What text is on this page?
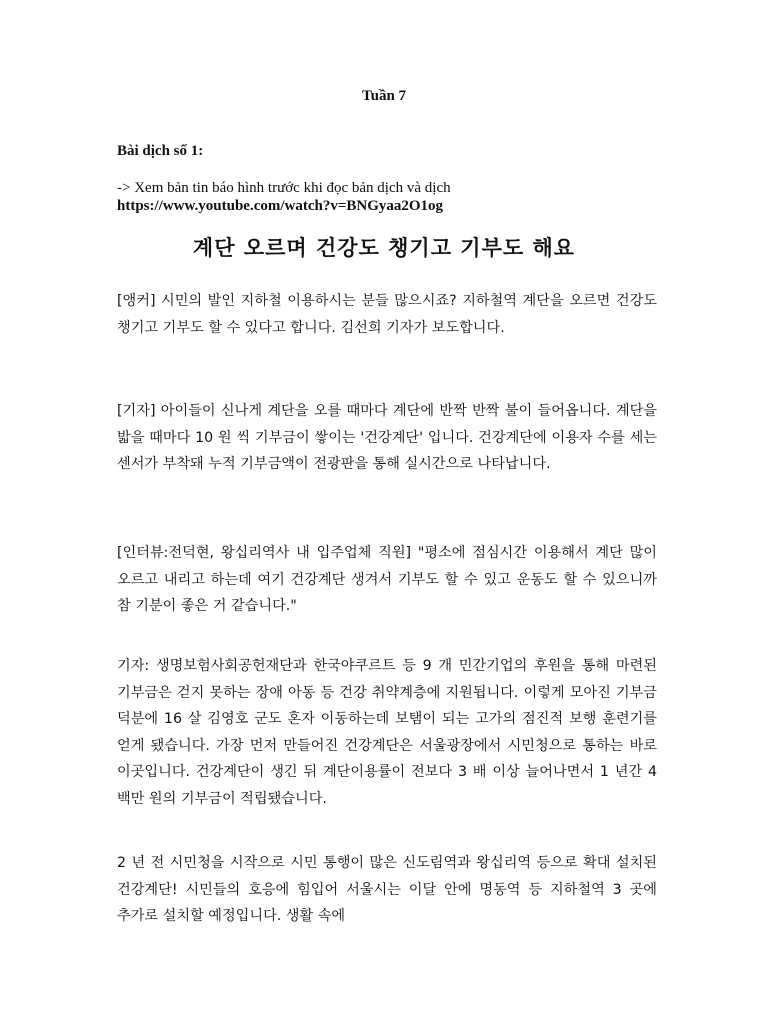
Tuần 7
Bài dịch số 1:
-> Xem bản tin báo hình trước khi đọc bản dịch và dịch
https://www.youtube.com/watch?v=BNGyaa2O1og
계단 오르며 건강도 챙기고 기부도 해요

[앵커] 시민의 발인 지하철 이용하시는 분들 많으시죠? 지하철역 계단을 오르면 건강도 챙기고 기부도 할 수 있다고 합니다. 김선희 기자가 보도합니다.

[기자] 아이들이 신나게 계단을 오를 때마다 계단에 반짝 반짝 불이 들어옵니다. 계단을 밟을 때마다 10 원 씩 기부금이 쌓이는 '건강계단' 입니다. 건강계단에 이용자 수를 세는 센서가 부착돼 누적 기부금액이 전광판을 통해 실시간으로 나타납니다.

[인터뷰:전덕현, 왕십리역사 내 입주업체 직원] "평소에 점심시간 이용해서 계단 많이 오르고 내리고 하는데 여기 건강계단 생겨서 기부도 할 수 있고 운동도 할 수 있으니까 참 기분이 좋은 거 같습니다."

기자: 생명보험사회공헌재단과 한국야쿠르트 등 9 개 민간기업의 후원을 통해 마련된 기부금은 걷지 못하는 장애 아동 등 건강 취약계층에 지원됩니다. 이렇게 모아진 기부금 덕분에 16 살 김영호 군도 혼자 이동하는데 보탬이 되는 고가의 점진적 보행 훈련기를 얻게 됐습니다. 가장 먼저 만들어진 건강계단은 서울광장에서 시민청으로 통하는 바로 이곳입니다. 건강계단이 생긴 뒤 계단이용률이 전보다 3 배 이상 늘어나면서 1 년간 4 백만 원의 기부금이 적립됐습니다.

2 년 전 시민청을 시작으로 시민 통행이 많은 신도림역과 왕십리역 등으로 확대 설치된 건강계단! 시민들의 호응에 힘입어 서울시는 이달 안에 명동역 등 지하철역 3 곳에 추가로 설치할 예정입니다. 생활 속에
